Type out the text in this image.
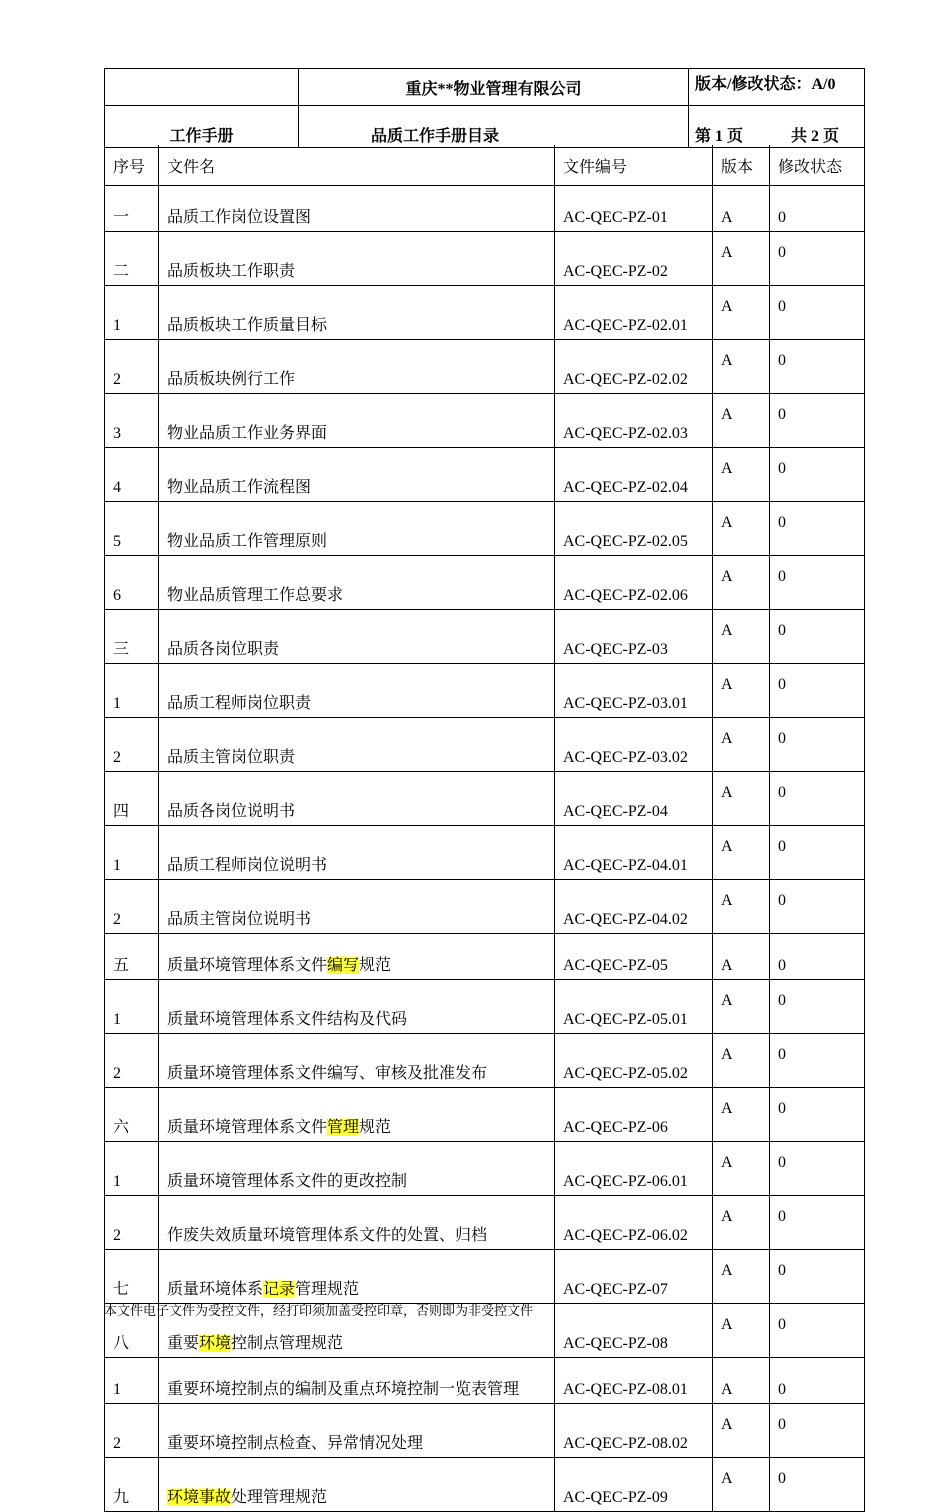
	重庆**物业管理有限公司	版本/修改状态：A/0
工作手册	品质工作手册目录	第 1 页 共 2 页
序号	文件名	文件编号	版本	修改状态
一	品质工作岗位设置图	AC-QEC-PZ-01	A	0
二	品质板块工作职责	AC-QEC-PZ-02	A	0
1	品质板块工作质量目标	AC-QEC-PZ-02.01	A	0
2	品质板块例行工作	AC-QEC-PZ-02.02	A	0
3	物业品质工作业务界面	AC-QEC-PZ-02.03	A	0
4	物业品质工作流程图	AC-QEC-PZ-02.04	A	0
5	物业品质工作管理原则	AC-QEC-PZ-02.05	A	0
6	物业品质管理工作总要求	AC-QEC-PZ-02.06	A	0
三	品质各岗位职责	AC-QEC-PZ-03	A	0
1	品质工程师岗位职责	AC-QEC-PZ-03.01	A	0
2	品质主管岗位职责	AC-QEC-PZ-03.02	A	0
四	品质各岗位说明书	AC-QEC-PZ-04	A	0
1	品质工程师岗位说明书	AC-QEC-PZ-04.01	A	0
2	品质主管岗位说明书	AC-QEC-PZ-04.02	A	0
五	质量环境管理体系文件编写规范	AC-QEC-PZ-05	A	0
1	质量环境管理体系文件结构及代码	AC-QEC-PZ-05.01	A	0
2	质量环境管理体系文件编写、审核及批准发布	AC-QEC-PZ-05.02	A	0
六	质量环境管理体系文件管理规范	AC-QEC-PZ-06	A	0
1	质量环境管理体系文件的更改控制	AC-QEC-PZ-06.01	A	0
2	作废失效质量环境管理体系文件的处置、归档	AC-QEC-PZ-06.02	A	0
七	质量环境体系记录管理规范	AC-QEC-PZ-07	A	0
八	重要环境控制点管理规范	AC-QEC-PZ-08	A	0
1	重要环境控制点的编制及重点环境控制一览表管理	AC-QEC-PZ-08.01	A	0
2	重要环境控制点检查、异常情况处理	AC-QEC-PZ-08.02	A	0
九	环境事故处理管理规范	AC-QEC-PZ-09	A	0
本文件电子文件为受控文件，经打印须加盖受控印章，否则即为非受控文件
